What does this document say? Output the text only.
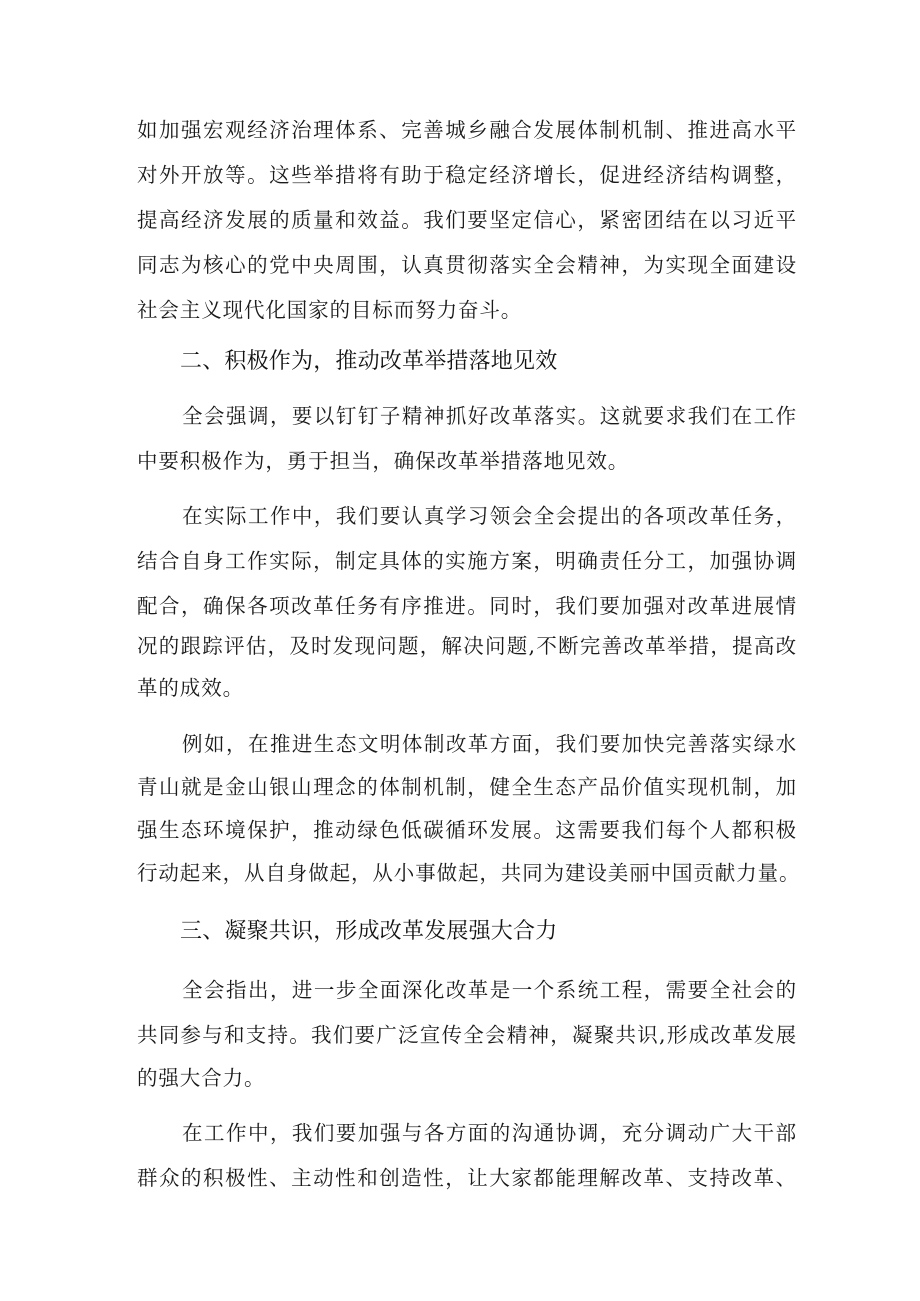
如加强宏观经济治理体系、完善城乡融合发展体制机制、推进高水平
对外开放等。这些举措将有助于稳定经济增长，促进经济结构调整，
提高经济发展的质量和效益。我们要坚定信心，紧密团结在以习近平
同志为核心的党中央周围，认真贯彻落实全会精神，为实现全面建设
社会主义现代化国家的目标而努力奋斗。
二、积极作为，推动改革举措落地见效
全会强调，要以钉钉子精神抓好改革落实。这就要求我们在工作
中要积极作为，勇于担当，确保改革举措落地见效。
在实际工作中，我们要认真学习领会全会提出的各项改革任务，
结合自身工作实际，制定具体的实施方案，明确责任分工，加强协调
配合，确保各项改革任务有序推进。同时，我们要加强对改革进展情
况的跟踪评估，及时发现问题，解决问题,不断完善改革举措，提高改
革的成效。
例如，在推进生态文明体制改革方面，我们要加快完善落实绿水
青山就是金山银山理念的体制机制，健全生态产品价值实现机制，加
强生态环境保护，推动绿色低碳循环发展。这需要我们每个人都积极
行动起来，从自身做起，从小事做起，共同为建设美丽中国贡献力量。
三、凝聚共识，形成改革发展强大合力
全会指出，进一步全面深化改革是一个系统工程，需要全社会的
共同参与和支持。我们要广泛宣传全会精神，凝聚共识,形成改革发展
的强大合力。
在工作中，我们要加强与各方面的沟通协调，充分调动广大干部
群众的积极性、主动性和创造性，让大家都能理解改革、支持改革、
